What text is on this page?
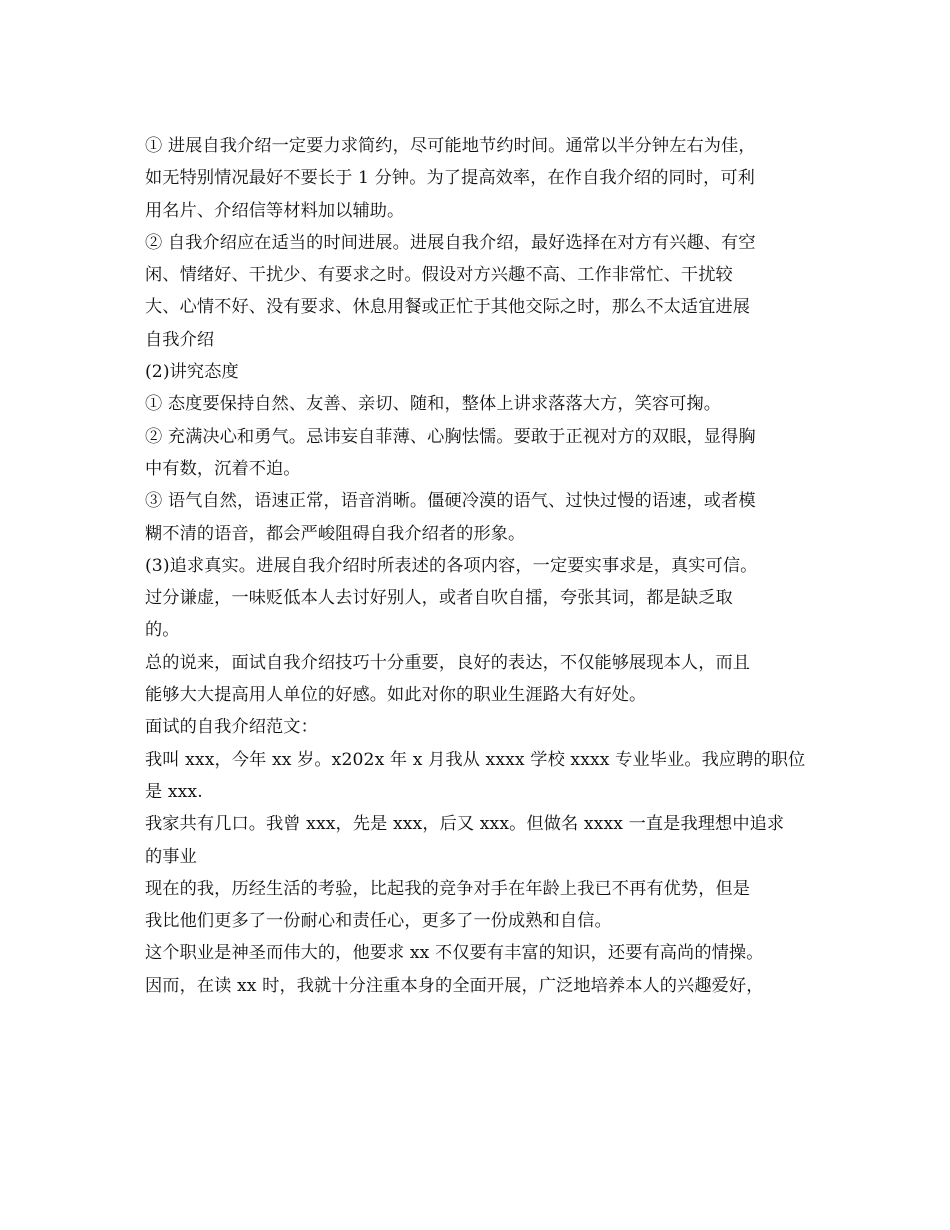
① 进展自我介绍一定要力求简约，尽可能地节约时间。通常以半分钟左右为佳，
如无特别情况最好不要长于 1 分钟。为了提高效率，在作自我介绍的同时，可利
用名片、介绍信等材料加以辅助。
② 自我介绍应在适当的时间进展。进展自我介绍，最好选择在对方有兴趣、有空
闲、情绪好、干扰少、有要求之时。假设对方兴趣不高、工作非常忙、干扰较
大、心情不好、没有要求、休息用餐或正忙于其他交际之时，那么不太适宜进展
自我介绍
(2)讲究态度
① 态度要保持自然、友善、亲切、随和，整体上讲求落落大方，笑容可掬。
② 充满决心和勇气。忌讳妄自菲薄、心胸怯懦。要敢于正视对方的双眼，显得胸
中有数，沉着不迫。
③ 语气自然，语速正常，语音消晰。僵硬冷漠的语气、过快过慢的语速，或者模
糊不清的语音，都会严峻阻碍自我介绍者的形象。
(3)追求真实。进展自我介绍时所表述的各项内容，一定要实事求是，真实可信。
过分谦虚，一味贬低本人去讨好别人，或者自吹自擂，夸张其词，都是缺乏取
的。
总的说来，面试自我介绍技巧十分重要，良好的表达，不仅能够展现本人，而且
能够大大提高用人单位的好感。如此对你的职业生涯路大有好处。
面试的自我介绍范文：
我叫 xxx，今年 xx 岁。x202x 年 x 月我从 xxxx 学校 xxxx 专业毕业。我应聘的职位
是 xxx.
我家共有几口。我曾 xxx，先是 xxx，后又 xxx。但做名 xxxx 一直是我理想中追求
的事业
现在的我，历经生活的考验，比起我的竞争对手在年龄上我已不再有优势，但是
我比他们更多了一份耐心和责任心，更多了一份成熟和自信。
这个职业是神圣而伟大的，他要求 xx 不仅要有丰富的知识，还要有高尚的情操。
因而，在读 xx 时，我就十分注重本身的全面开展，广泛地培养本人的兴趣爱好，
